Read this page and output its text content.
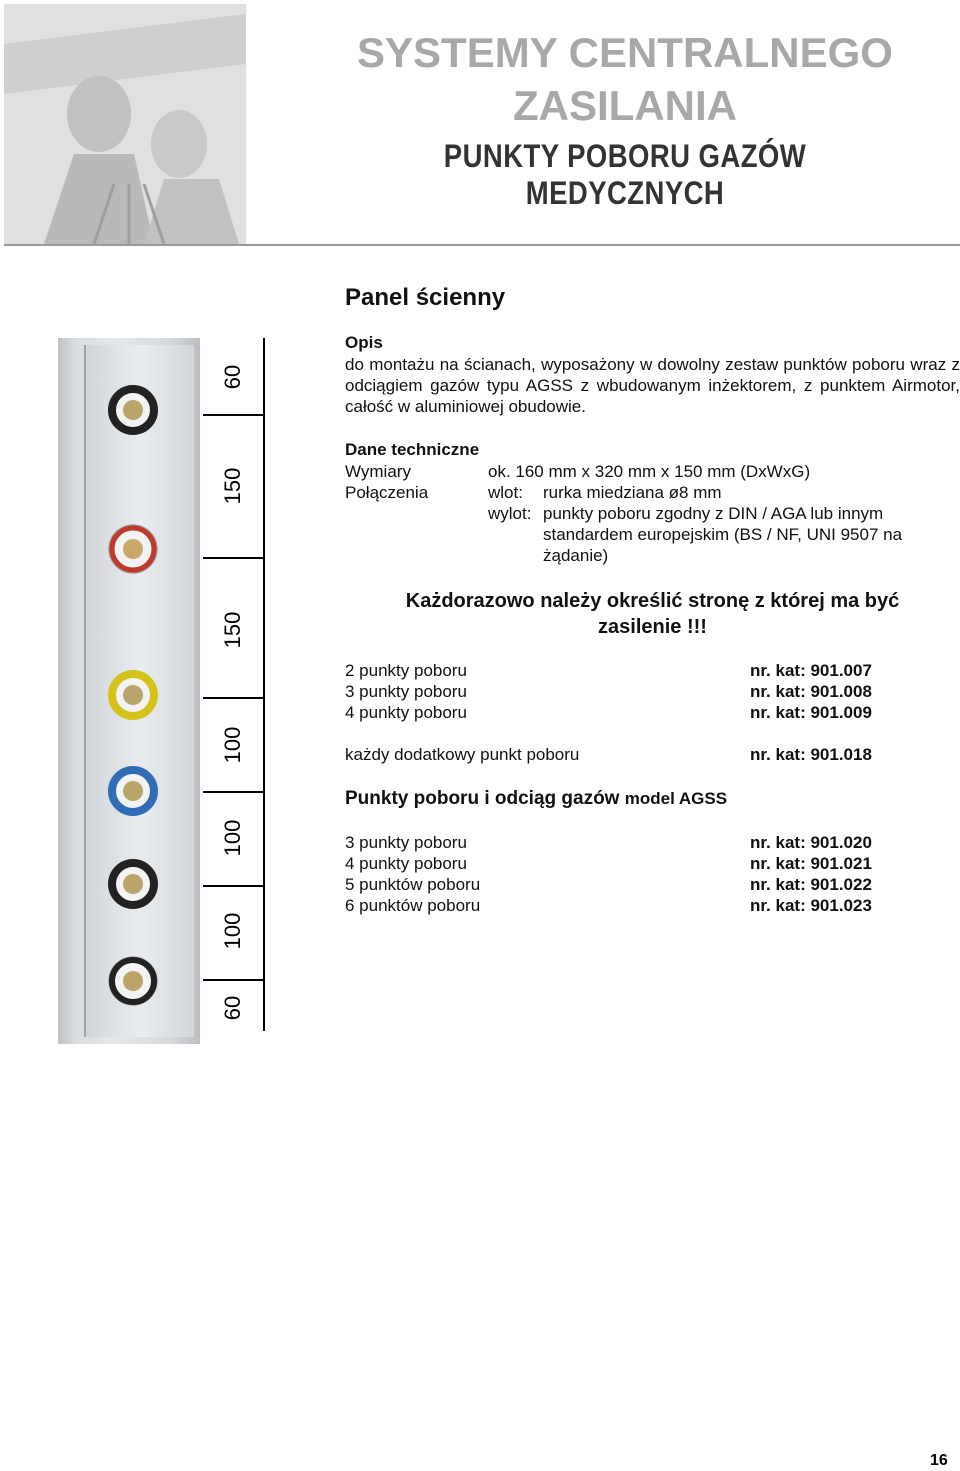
SYSTEMY CENTRALNEGO ZASILANIA
PUNKTY POBORU GAZÓW MEDYCZNYCH
60
150
150
100
100
100
60
Panel ścienny
Opis
do montażu na ścianach, wyposażony w dowolny zestaw punktów poboru wraz z odciągiem gazów typu AGSS z wbudowanym inżektorem, z punktem Airmotor, całość w aluminiowej obudowie.
Dane techniczne
Wymiary	ok. 160 mm x 320 mm x 150 mm (DxWxG)
Połączenia	wlot: rurka miedziana ø8 mm
wylot: punkty poboru zgodny z DIN / AGA lub innym
standardem europejskim (BS / NF, UNI 9507 na
żądanie)
Każdorazowo należy określić stronę z której ma być
zasilenie !!!
2 punkty poboru	nr. kat: 901.007
3 punkty poboru	nr. kat: 901.008
4 punkty poboru	nr. kat: 901.009
każdy dodatkowy punkt poboru	nr. kat: 901.018
Punkty poboru i odciąg gazów model AGSS
3 punkty poboru	nr. kat: 901.020
4 punkty poboru	nr. kat: 901.021
5 punktów poboru	nr. kat: 901.022
6 punktów poboru	nr. kat: 901.023
16
